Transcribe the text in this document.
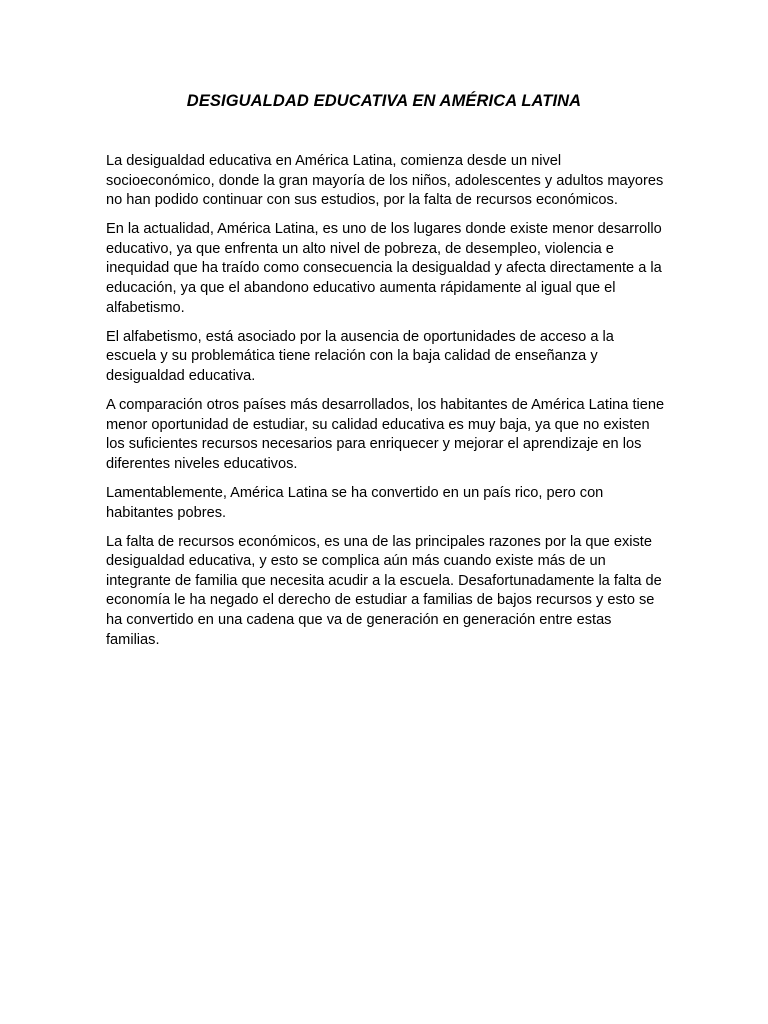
DESIGUALDAD EDUCATIVA EN AMÉRICA LATINA

La desigualdad educativa en América Latina, comienza desde un nivel socioeconómico, donde la gran mayoría de los niños, adolescentes y adultos mayores no han podido continuar con sus estudios, por la falta de recursos económicos.

En la actualidad, América Latina, es uno de los lugares donde existe menor desarrollo educativo, ya que enfrenta un alto nivel de pobreza, de desempleo, violencia e inequidad que ha traído como consecuencia la desigualdad y afecta directamente a la educación, ya que el abandono educativo aumenta rápidamente al igual que el alfabetismo.

El alfabetismo, está asociado por la ausencia de oportunidades de acceso a la escuela y su problemática tiene relación con la baja calidad de enseñanza y desigualdad educativa.

A comparación otros países más desarrollados, los habitantes de América Latina tiene menor oportunidad de estudiar, su calidad educativa es muy baja, ya que no existen los suficientes recursos necesarios para enriquecer y mejorar el aprendizaje en los diferentes niveles educativos.

Lamentablemente, América Latina se ha convertido en un país rico, pero con habitantes pobres.

La falta de recursos económicos, es una de las principales razones por la que existe desigualdad educativa, y esto se complica aún más cuando existe más de un integrante de familia que necesita acudir a la escuela. Desafortunadamente la falta de economía le ha negado el derecho de estudiar a familias de bajos recursos y esto se ha convertido en una cadena que va de generación en generación entre estas familias.
